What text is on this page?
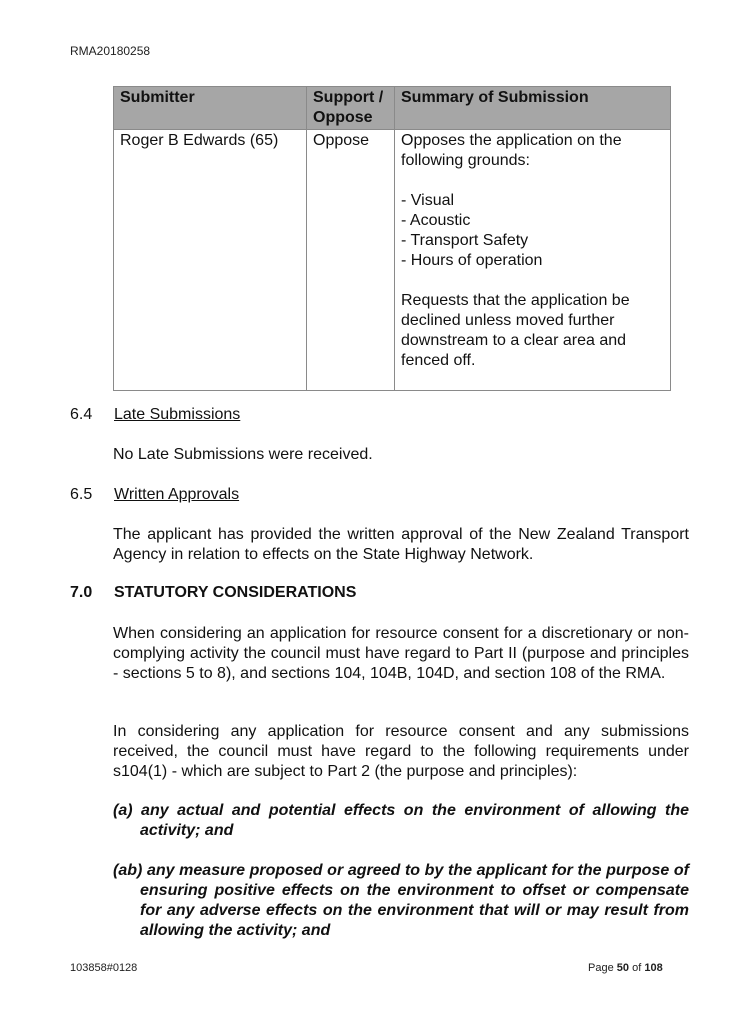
RMA20180258
Submitter	Support / Oppose	Summary of Submission
Roger B Edwards (65)	Oppose	Opposes the application on the following grounds:

- Visual
- Acoustic
- Transport Safety
- Hours of operation

Requests that the application be declined unless moved further downstream to a clear area and fenced off.

6.4 Late Submissions
No Late Submissions were received.
6.5 Written Approvals
The applicant has provided the written approval of the New Zealand Transport Agency in relation to effects on the State Highway Network.
7.0 STATUTORY CONSIDERATIONS
When considering an application for resource consent for a discretionary or non-complying activity the council must have regard to Part II (purpose and principles - sections 5 to 8), and sections 104, 104B, 104D, and section 108 of the RMA.
In considering any application for resource consent and any submissions received, the council must have regard to the following requirements under s104(1) - which are subject to Part 2 (the purpose and principles):
(a) any actual and potential effects on the environment of allowing the activity; and
(ab) any measure proposed or agreed to by the applicant for the purpose of ensuring positive effects on the environment to offset or compensate for any adverse effects on the environment that will or may result from allowing the activity; and
103858#0128	Page 50 of 108
